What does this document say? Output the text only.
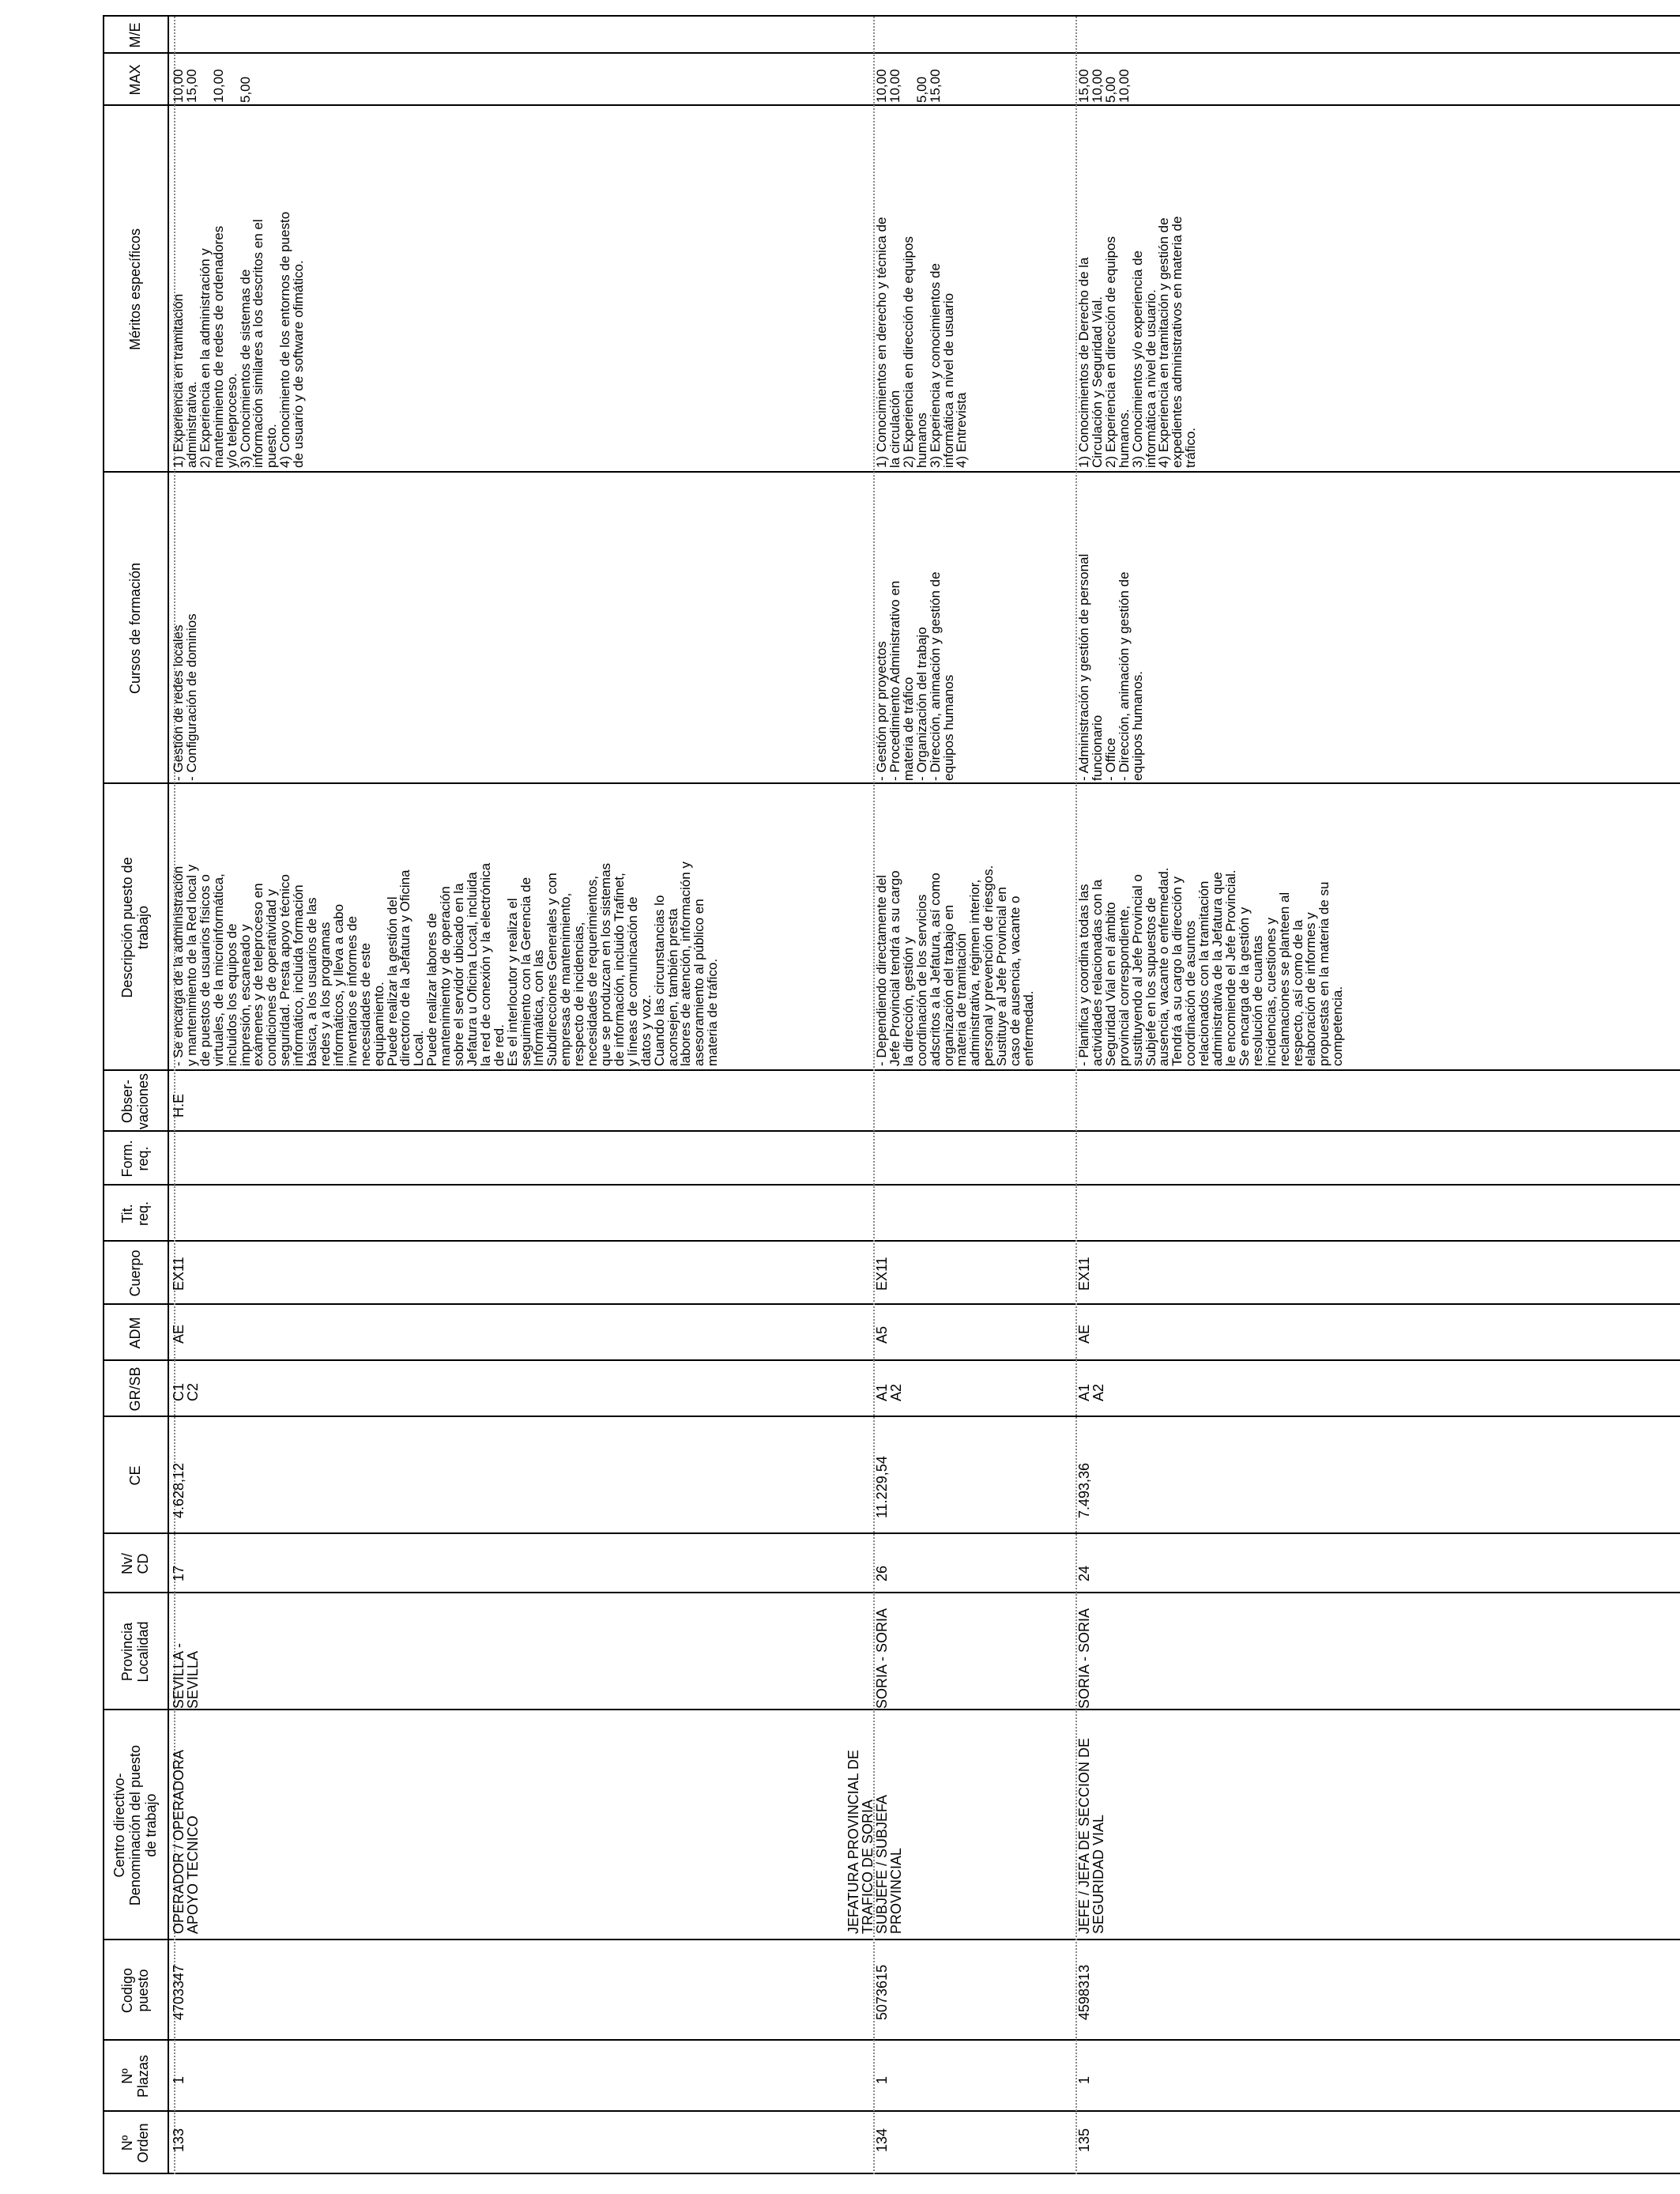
Nº
Orden
Nº
Plazas
Codigo
puesto
Centro directivo-
Denominación del puesto
de trabajo
Provincia
Localidad
Nv/
CD
CE
GR/SB
ADM
Cuerpo
Tit.
req.
Form.
req.
Obser-
vaciones
Descripción puesto de
trabajo
Cursos de formación
Méritos específicos
MAX
M/E
133
1
4703347
OPERADOR / OPERADORA
APOYO TECNICO
SEVILLA -
SEVILLA
17
4.628,12
C1
C2
AE
EX11
H.E
- Se encarga de la administración
y mantenimiento de la Red local y
de puestos de usuarios físicos o
virtuales, de la microinformática,
incluidos los equipos de
impresión, escaneado y
exámenes y de teleproceso en
condiciones de operatividad y
seguridad. Presta apoyo técnico
informático, incluida formación
básica, a los usuarios de las
redes y a los programas
informáticos, y lleva a cabo
inventarios e informes de
necesidades de este
equipamiento.
Puede realizar la gestión del
directorio de la Jefatura y Oficina
Local.
Puede realizar labores de
mantenimiento y de operación
sobre el servidor ubicado en la
Jefatura u Oficina Local, incluida
la red de conexión y la electrónica
de red.
Es el interlocutor y realiza el
seguimiento con la Gerencia de
Informática, con las
Subdirecciones Generales y con
empresas de mantenimiento,
respecto de incidencias,
necesidades de requerimientos,
que se produzcan en los sistemas
de información, incluido Trafinet,
y líneas de comunicación de
datos y voz.
Cuando las circunstancias lo
aconsejen, también presta
labores de atención, información y
asesoramiento al público en
materia de tráfico.
- Gestión de redes locales
- Configuración de dominios
1) Experiencia en tramitación
administrativa.
2) Experiencia en la administración y
mantenimiento de redes de ordenadores
y/o teleproceso.
3) Conocimientos de sistemas de
información similares a los descritos en el
puesto.
4) Conocimiento de los entornos de puesto
de usuario y de software ofimático.
10,00
15,00

10,00

5,00
134
1
5073615
JEFATURA PROVINCIAL DE
TRAFICO DE SORIA
SUBJEFE / SUBJEFA
PROVINCIAL
SORIA - SORIA
26
11.229,54
A1
A2
A5
EX11
- Dependiendo directamente del
Jefe Provincial tendrá a su cargo
la dirección, gestión y
coordinación de los servicios
adscritos a la Jefatura, así como
organización del trabajo en
materia de tramitación
administrativa, régimen interior,
personal y prevención de riesgos.
Sustituye al Jefe Provincial en
caso de ausencia, vacante o
enfermedad.
- Gestión por proyectos
- Procedimiento Administrativo en
materia de tráfico
- Organización del trabajo
- Dirección, animación y gestión de
equipos humanos
1) Conocimientos en derecho y técnica de
la circulación
2) Experiencia en dirección de equipos
humanos
3) Experiencia y conocimientos de
informática a nivel de usuario
4) Entrevista
10,00
10,00

5,00
15,00
135
1
4598313
JEFE / JEFA DE SECCION DE
SEGURIDAD VIAL
SORIA - SORIA
24
7.493,36
A1
A2
AE
EX11
- Planifica y coordina todas las
actividades relacionadas con la
Seguridad Vial en el ámbito
provincial correspondiente,
sustituyendo al Jefe Provincial o
Subjefe en los supuestos de
ausencia, vacante o enfermedad.
Tendrá a su cargo la dirección y
coordinación de asuntos
relacionados con la tramitación
administrativa de la Jefatura que
le encomiende el Jefe Provincial.
Se encarga de la gestión y
resolución de cuantas
incidencias, cuestiones y
reclamaciones se planteen al
respecto, así como de la
elaboración de informes y
propuestas en la materia de su
competencia.
- Administración y gestión de personal
funcionario
- Office
- Dirección, animación y gestión de
equipos humanos.
1) Conocimientos de Derecho de la
Circulación y Seguridad Vial.
2) Experiencia en dirección de equipos
humanos.
3) Conocimientos y/o experiencia de
informática a nivel de usuario.
4) Experiencia en tramitación y gestión de
expedientes administrativos en materia de
tráfico.
15,00
10,00
5,00
10,00
